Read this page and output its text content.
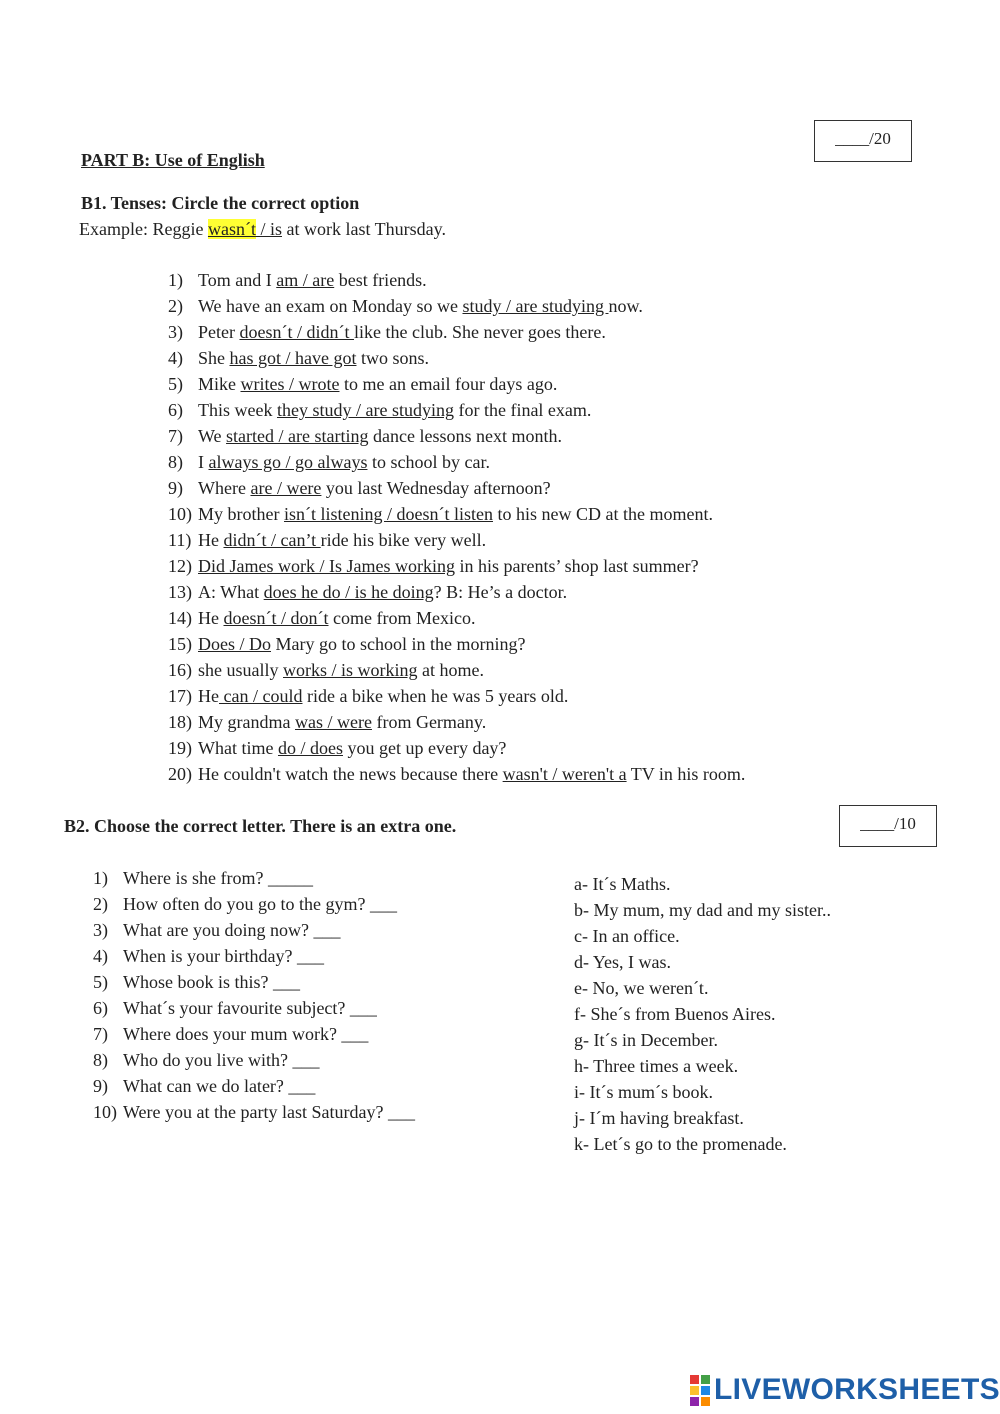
____/20
PART B: Use of English
B1. Tenses: Circle the correct option
Example: Reggie wasn´t / is at work last Thursday.
1) Tom and I am / are best friends.
2) We have an exam on Monday so we study / are studying now.
3) Peter doesn´t / didn´t like the club. She never goes there.
4) She has got / have got two sons.
5) Mike writes / wrote to me an email four days ago.
6) This week they study / are studying for the final exam.
7) We started / are starting dance lessons next month.
8) I always go / go always to school by car.
9) Where are / were you last Wednesday afternoon?
10) My brother isn´t listening / doesn´t listen to his new CD at the moment.
11) He didn´t / can’t ride his bike very well.
12) Did James work / Is James working in his parents’ shop last summer?
13) A: What does he do / is he doing? B: He’s a doctor.
14) He doesn´t / don´t come from Mexico.
15) Does / Do Mary go to school in the morning?
16) she usually works / is working at home.
17) He can / could ride a bike when he was 5 years old.
18) My grandma was / were from Germany.
19) What time do / does you get up every day?
20) He couldn't watch the news because there wasn't / weren't a TV in his room.
B2. Choose the correct letter. There is an extra one.	____/10
1) Where is she from? _____
2) How often do you go to the gym? ___
3) What are you doing now? ___
4) When is your birthday? ___
5) Whose book is this? ___
6) What´s your favourite subject? ___
7) Where does your mum work? ___
8) Who do you live with? ___
9) What can we do later? ___
10) Were you at the party last Saturday? ___
a- It´s Maths.
b- My mum, my dad and my sister..
c- In an office.
d- Yes, I was.
e- No, we weren´t.
f- She´s from Buenos Aires.
g- It´s in December.
h- Three times a week.
i- It´s mum´s book.
j- I´m having breakfast.
k- Let´s go to the promenade.
LIVEWORKSHEETS
